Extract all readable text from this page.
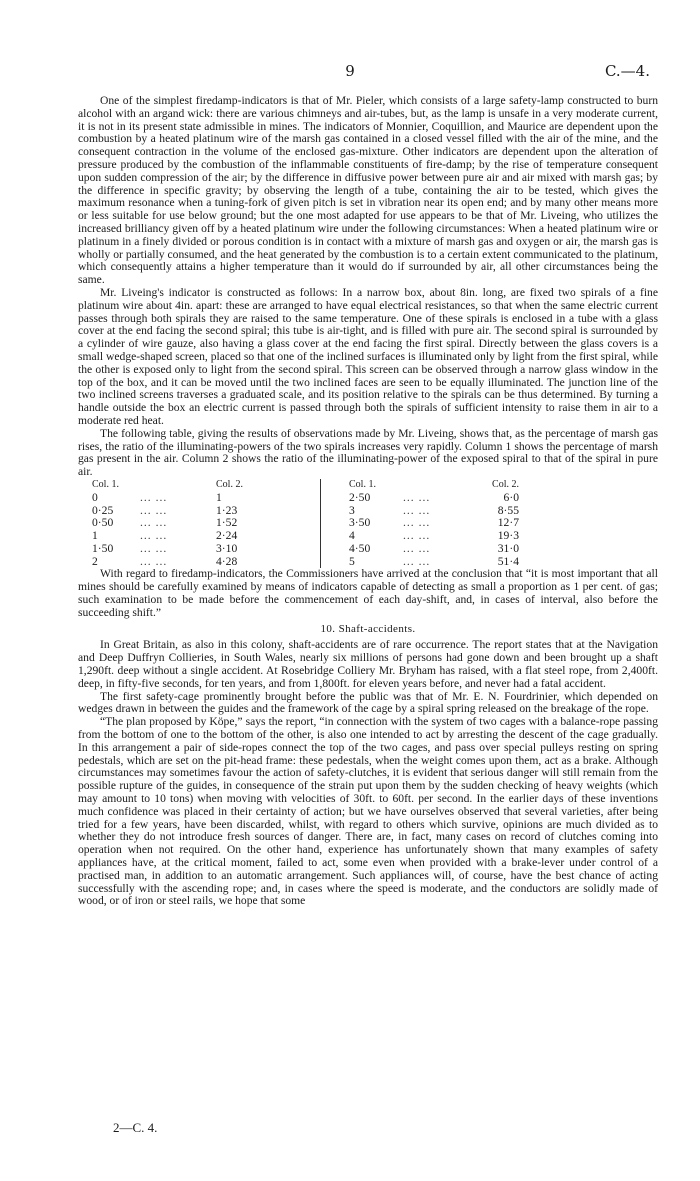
9	C.—4.

One of the simplest firedamp-indicators is that of Mr. Pieler, which consists of a large safety-lamp constructed to burn alcohol with an argand wick: there are various chimneys and air-tubes, but, as the lamp is unsafe in a very moderate current, it is not in its present state admissible in mines. The indicators of Monnier, Coquillion, and Maurice are dependent upon the combustion by a heated platinum wire of the marsh gas contained in a closed vessel filled with the air of the mine, and the consequent contraction in the volume of the enclosed gas-mixture. Other indicators are dependent upon the alteration of pressure produced by the combustion of the inflammable constituents of fire-damp; by the rise of temperature consequent upon sudden compression of the air; by the difference in diffusive power between pure air and air mixed with marsh gas; by the difference in specific gravity; by observing the length of a tube, containing the air to be tested, which gives the maximum resonance when a tuning-fork of given pitch is set in vibration near its open end; and by many other means more or less suitable for use below ground; but the one most adapted for use appears to be that of Mr. Liveing, who utilizes the increased brilliancy given off by a heated platinum wire under the following circumstances: When a heated platinum wire or platinum in a finely divided or porous condition is in contact with a mixture of marsh gas and oxygen or air, the marsh gas is wholly or partially consumed, and the heat generated by the combustion is to a certain extent communicated to the platinum, which consequently attains a higher temperature than it would do if surrounded by air, all other circumstances being the same.

Mr. Liveing's indicator is constructed as follows: In a narrow box, about 8in. long, are fixed two spirals of a fine platinum wire about 4in. apart: these are arranged to have equal electrical resistances, so that when the same electric current passes through both spirals they are raised to the same temperature. One of these spirals is enclosed in a tube with a glass cover at the end facing the second spiral; this tube is air-tight, and is filled with pure air. The second spiral is surrounded by a cylinder of wire gauze, also having a glass cover at the end facing the first spiral. Directly between the glass covers is a small wedge-shaped screen, placed so that one of the inclined surfaces is illuminated only by light from the first spiral, while the other is exposed only to light from the second spiral. This screen can be observed through a narrow glass window in the top of the box, and it can be moved until the two inclined faces are seen to be equally illuminated. The junction line of the two inclined screens traverses a graduated scale, and its position relative to the spirals can be thus determined. By turning a handle outside the box an electric current is passed through both the spirals of sufficient intensity to raise them in air to a moderate red heat.

The following table, giving the results of observations made by Mr. Liveing, shows that, as the percentage of marsh gas rises, the ratio of the illuminating-powers of the two spirals increases very rapidly. Column 1 shows the percentage of marsh gas present in the air. Column 2 shows the ratio of the illuminating-power of the exposed spiral to that of the spiral in pure air.

Col. 1.		Col. 2.		Col. 1.		Col. 2.
0	... ...	1		2·50	... ...	6·0
0·25	... ...	1·23		3	... ...	8·55
0·50	... ...	1·52		3·50	... ...	12·7
1	... ...	2·24		4	... ...	19·3
1·50	... ...	3·10		4·50	... ...	31·0
2	... ...	4·28		5	... ...	51·4

With regard to firedamp-indicators, the Commissioners have arrived at the conclusion that “it is most important that all mines should be carefully examined by means of indicators capable of detecting as small a proportion as 1 per cent. of gas; such examination to be made before the commencement of each day-shift, and, in cases of interval, also before the succeeding shift.”

10. Shaft-accidents.

In Great Britain, as also in this colony, shaft-accidents are of rare occurrence. The report states that at the Navigation and Deep Duffryn Collieries, in South Wales, nearly six millions of persons had gone down and been brought up a shaft 1,290ft. deep without a single accident. At Rosebridge Colliery Mr. Bryham has raised, with a flat steel rope, from 2,400ft. deep, in fifty-five seconds, for ten years, and from 1,800ft. for eleven years before, and never had a fatal accident.

The first safety-cage prominently brought before the public was that of Mr. E. N. Fourdrinier, which depended on wedges drawn in between the guides and the framework of the cage by a spiral spring released on the breakage of the rope.

“The plan proposed by Köpe,” says the report, “in connection with the system of two cages with a balance-rope passing from the bottom of one to the bottom of the other, is also one intended to act by arresting the descent of the cage gradually. In this arrangement a pair of side-ropes connect the top of the two cages, and pass over special pulleys resting on spring pedestals, which are set on the pit-head frame: these pedestals, when the weight comes upon them, act as a brake. Although circumstances may sometimes favour the action of safety-clutches, it is evident that serious danger will still remain from the possible rupture of the guides, in consequence of the strain put upon them by the sudden checking of heavy weights (which may amount to 10 tons) when moving with velocities of 30ft. to 60ft. per second. In the earlier days of these inventions much confidence was placed in their certainty of action; but we have ourselves observed that several varieties, after being tried for a few years, have been discarded, whilst, with regard to others which survive, opinions are much divided as to whether they do not introduce fresh sources of danger. There are, in fact, many cases on record of clutches coming into operation when not required. On the other hand, experience has unfortunately shown that many examples of safety appliances have, at the critical moment, failed to act, some even when provided with a brake-lever under control of a practised man, in addition to an automatic arrangement. Such appliances will, of course, have the best chance of acting successfully with the ascending rope; and, in cases where the speed is moderate, and the conductors are solidly made of wood, or of iron or steel rails, we hope that some

2—C. 4.
